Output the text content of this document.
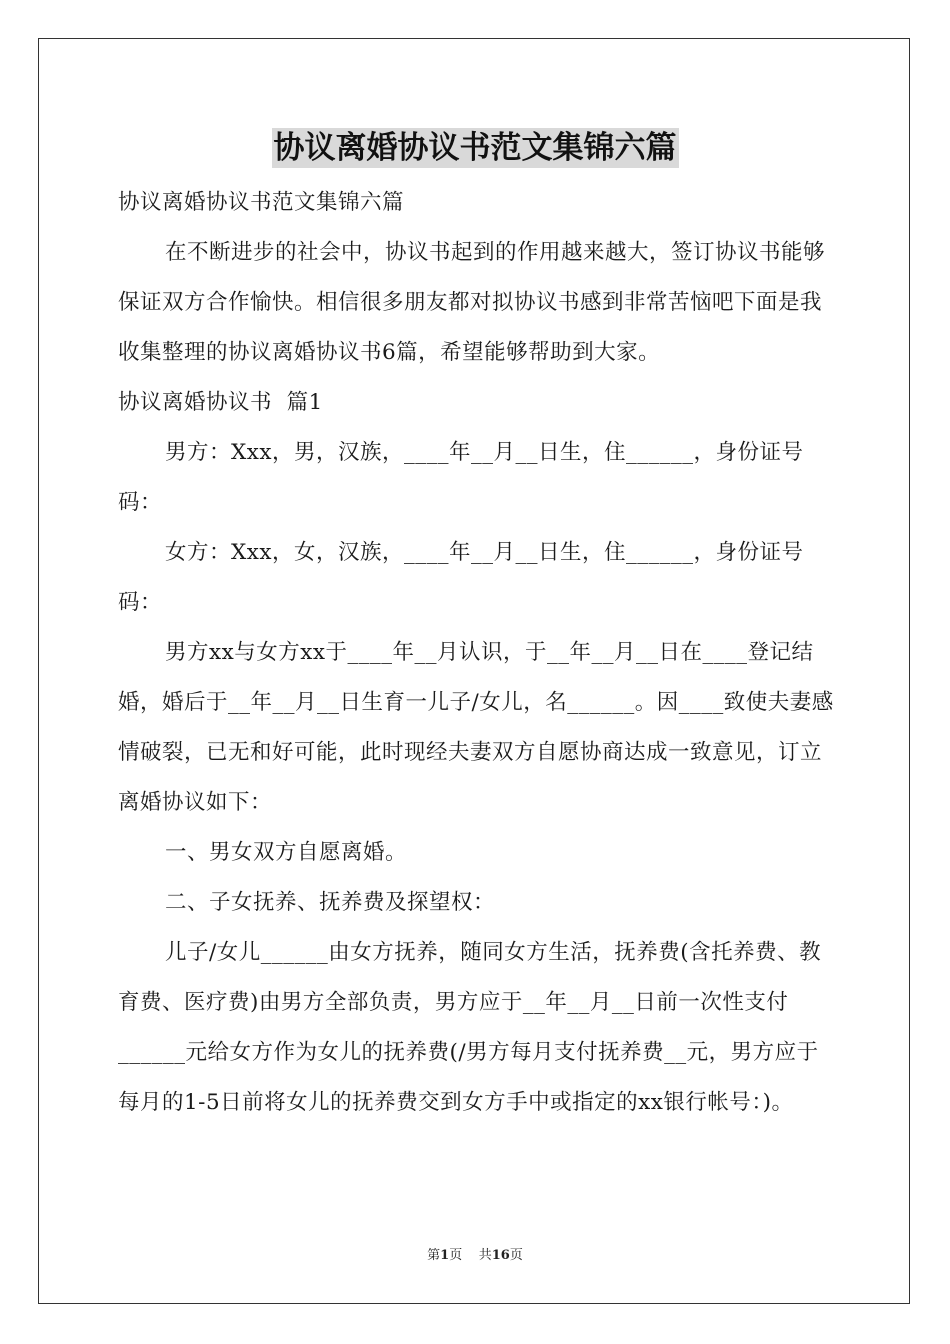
协议离婚协议书范文集锦六篇

协议离婚协议书范文集锦六篇

在不断进步的社会中，协议书起到的作用越来越大，签订协议书能够保证双方合作愉快。相信很多朋友都对拟协议书感到非常苦恼吧下面是我收集整理的协议离婚协议书6篇，希望能够帮助到大家。

协议离婚协议书  篇1

男方：Xxx，男，汉族，____年__月__日生，住______，身份证号码：

女方：Xxx，女，汉族，____年__月__日生，住______，身份证号码：

男方xx与女方xx于____年__月认识，于__年__月__日在____登记结婚，婚后于__年__月__日生育一儿子/女儿，名______。因____致使夫妻感情破裂，已无和好可能，此时现经夫妻双方自愿协商达成一致意见，订立离婚协议如下：

一、男女双方自愿离婚。

二、子女抚养、抚养费及探望权：

儿子/女儿______由女方抚养，随同女方生活，抚养费(含托养费、教育费、医疗费)由男方全部负责，男方应于__年__月__日前一次性支付______元给女方作为女儿的抚养费(/男方每月支付抚养费__元，男方应于每月的1-5日前将女儿的抚养费交到女方手中或指定的xx银行帐号：)。

第1页 共16页
